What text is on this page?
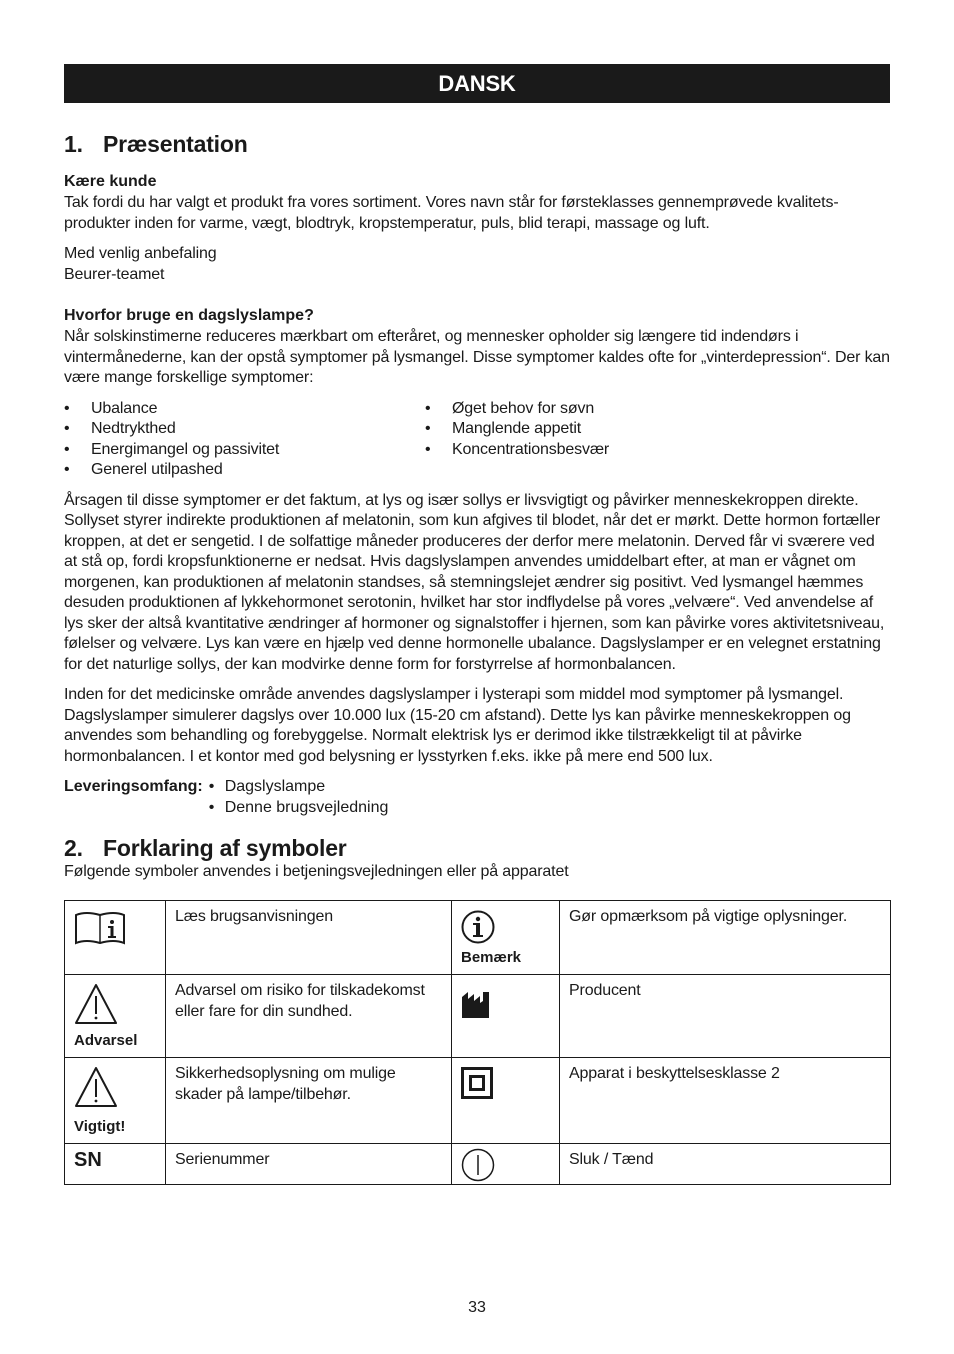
DANSK
1. Præsentation
Kære kunde

Tak fordi du har valgt et produkt fra vores sortiment. Vores navn står for førsteklasses gennemprøvede kvalitets-produkter inden for varme, vægt, blodtryk, kropstemperatur, puls, blid terapi, massage og luft.

Med venlig anbefaling

Beurer-teamet

Hvorfor bruge en dagslyslampe?

Når solskinstimerne reduceres mærkbart om efteråret, og mennesker opholder sig længere tid indendørs i vintermånederne, kan der opstå symptomer på lysmangel. Disse symptomer kaldes ofte for „vinterdepression“. Der kan være mange forskellige symptomer:

• Ubalance
• Nedtrykthed
• Energimangel og passivitet
• Generel utilpashed
• Øget behov for søvn
• Manglende appetit
• Koncentrationsbesvær

Årsagen til disse symptomer er det faktum, at lys og især sollys er livsvigtigt og påvirker menneskekroppen direkte. Sollyset styrer indirekte produktionen af melatonin, som kun afgives til blodet, når det er mørkt. Dette hormon fortæller kroppen, at det er sengetid. I de solfattige måneder produceres der derfor mere melatonin. Derved får vi sværere ved at stå op, fordi kropsfunktionerne er nedsat. Hvis dagslyslampen anvendes umiddelbart efter, at man er vågnet om morgenen, kan produktionen af melatonin standses, så stemningslejet ændrer sig positivt. Ved lysmangel hæmmes desuden produktionen af lykkehormonet serotonin, hvilket har stor indflydelse på vores „velvære“. Ved anvendelse af lys sker der altså kvantitative ændringer af hormoner og signalstoffer i hjernen, som kan påvirke vores aktivitetsniveau, følelser og velvære. Lys kan være en hjælp ved denne hormonelle ubalance. Dagslyslamper er en velegnet erstatning for det naturlige sollys, der kan modvirke denne form for forstyrrelse af hormonbalancen.

Inden for det medicinske område anvendes dagslyslamper i lysterapi som middel mod symptomer på lysmangel. Dagslyslamper simulerer dagslys over 10.000 lux (15-20 cm afstand). Dette lys kan påvirke menneskekroppen og anvendes som behandling og forebyggelse. Normalt elektrisk lys er derimod ikke tilstrækkeligt til at påvirke hormonbalancen. I et kontor med god belysning er lysstyrken f.eks. ikke på mere end 500 lux.

Leveringsomfang:	• Dagslyslampe
• Denne brugsvejledning
2. Forklaring af symboler

Følgende symboler anvendes i betjeningsvejledningen eller på apparatet

	Læs brugsanvisningen	Bemærk	Gør opmærksom på vigtige oplysninger.

Advarsel	Advarsel om risiko for tilskadekomst eller fare for din sundhed.		Producent

Vigtigt!	Sikkerhedsoplysning om mulige skader på lampe/tilbehør.		Apparat i beskyttelsesklasse 2

SN	Serienummer		Sluk / Tænd
33
